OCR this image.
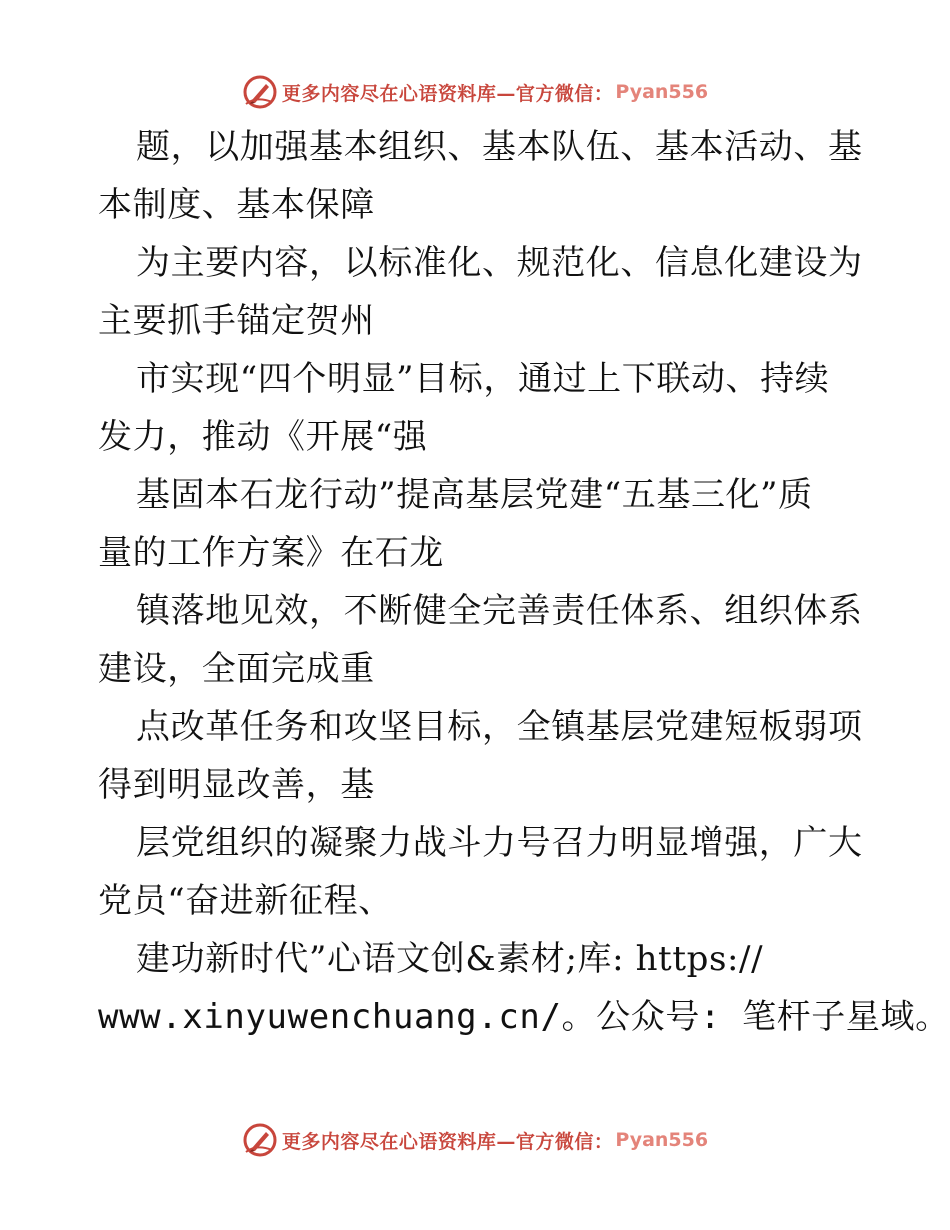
更多内容尽在心语资料库—官方微信： Pyan556
题，以加强基本组织、基本队伍、基本活动、基
本制度、基本保障
为主要内容，以标准化、规范化、信息化建设为
主要抓手锚定贺州
市实现“四个明显”目标，通过上下联动、持续
发力，推动《开展“强
基固本石龙行动”提高基层党建“五基三化”质
量的工作方案》在石龙
镇落地见效，不断健全完善责任体系、组织体系
建设，全面完成重
点改革任务和攻坚目标，全镇基层党建短板弱项
得到明显改善，基
层党组织的凝聚力战斗力号召力明显增强，广大
党员“奋进新征程、
建功新时代”心语文创&素材;库: https://
www.xinyuwenchuang.cn/。公众号: 笔杆子星域。
更多内容尽在心语资料库—官方微信： Pyan556
